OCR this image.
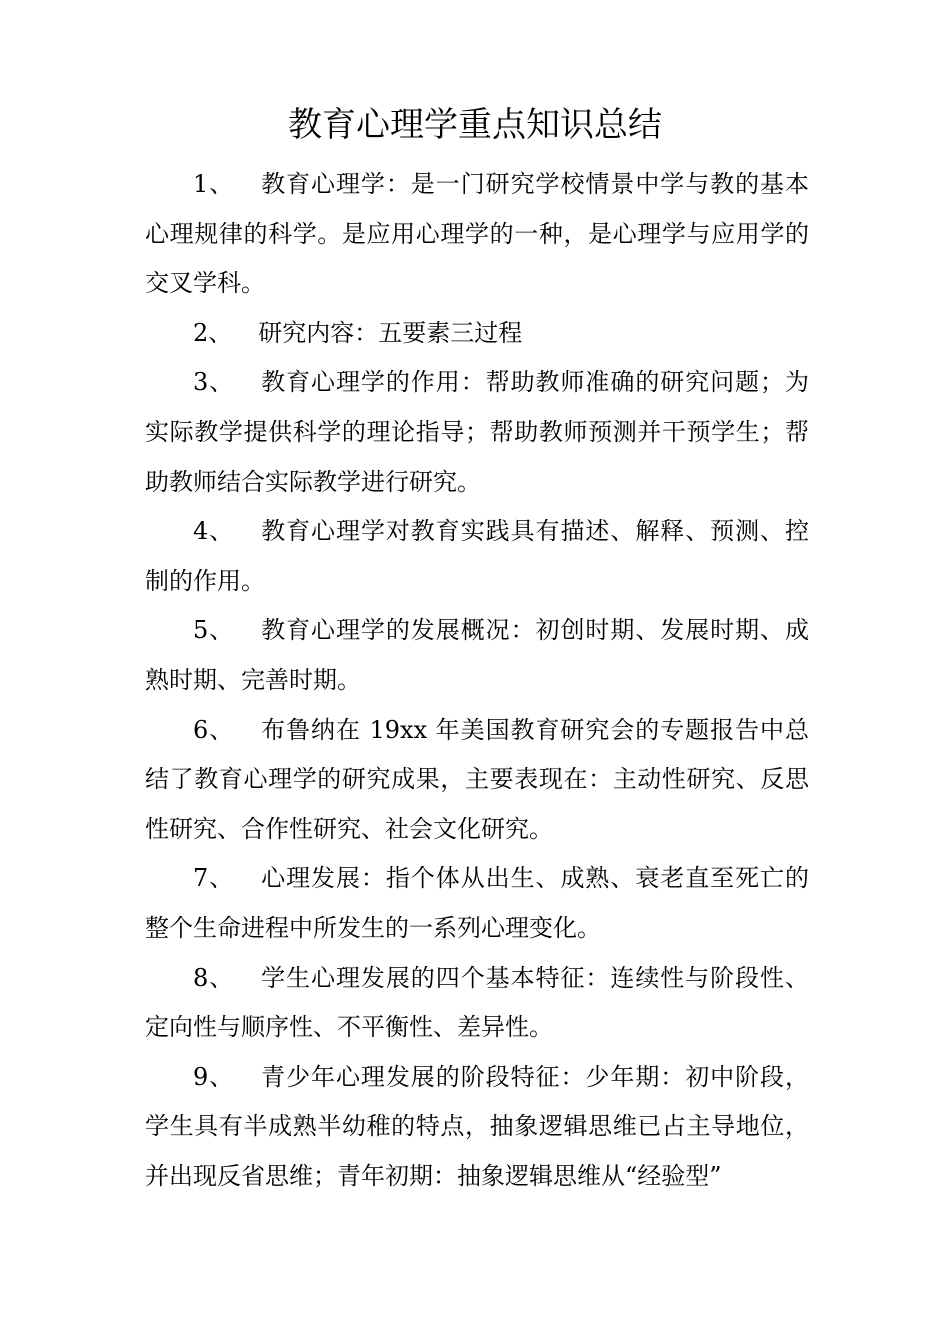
教育心理学重点知识总结

1、 教育心理学：是一门研究学校情景中学与教的基本心理规律的科学。是应用心理学的一种，是心理学与应用学的交叉学科。

2、 研究内容：五要素三过程

3、 教育心理学的作用：帮助教师准确的研究问题；为实际教学提供科学的理论指导；帮助教师预测并干预学生；帮助教师结合实际教学进行研究。

4、 教育心理学对教育实践具有描述、解释、预测、控制的作用。

5、 教育心理学的发展概况：初创时期、发展时期、成熟时期、完善时期。

6、 布鲁纳在 19xx 年美国教育研究会的专题报告中总结了教育心理学的研究成果，主要表现在：主动性研究、反思性研究、合作性研究、社会文化研究。

7、 心理发展：指个体从出生、成熟、衰老直至死亡的整个生命进程中所发生的一系列心理变化。

8、 学生心理发展的四个基本特征：连续性与阶段性、定向性与顺序性、不平衡性、差异性。

9、 青少年心理发展的阶段特征：少年期：初中阶段，学生具有半成熟半幼稚的特点，抽象逻辑思维已占主导地位，并出现反省思维；青年初期：抽象逻辑思维从“经验型”
